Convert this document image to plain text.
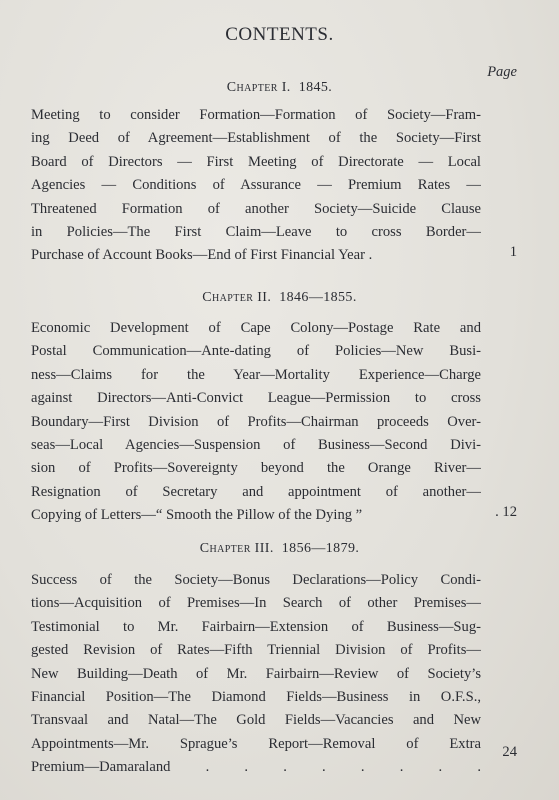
CONTENTS.
Page
Chapter I. 1845.
Meeting to consider Formation—Formation of Society—Fram-
ing Deed of Agreement—Establishment of the Society—First
Board of Directors — First Meeting of Directorate — Local
Agencies — Conditions of Assurance — Premium Rates —
Threatened Formation of another Society—Suicide Clause
in Policies—The First Claim—Leave to cross Border—
Purchase of Account Books—End of First Financial Year .	1
Chapter II. 1846—1855.
Economic Development of Cape Colony—Postage Rate and
Postal Communication—Ante-dating of Policies—New Busi-
ness—Claims for the Year—Mortality Experience—Charge
against Directors—Anti-Convict League—Permission to cross
Boundary—First Division of Profits—Chairman proceeds Over-
seas—Local Agencies—Suspension of Business—Second Divi-
sion of Profits—Sovereignty beyond the Orange River—
Resignation of Secretary and appointment of another—
Copying of Letters—“ Smooth the Pillow of the Dying ”	. 12
Chapter III. 1856—1879.
Success of the Society—Bonus Declarations—Policy Condi-
tions—Acquisition of Premises—In Search of other Premises—
Testimonial to Mr. Fairbairn—Extension of Business—Sug-
gested Revision of Rates—Fifth Triennial Division of Profits—
New Building—Death of Mr. Fairbairn—Review of Society’s
Financial Position—The Diamond Fields—Business in O.F.S.,
Transvaal and Natal—The Gold Fields—Vacancies and New
Appointments—Mr. Sprague’s Report—Removal of Extra
Premium—Damaraland . . . . . . . .
24
